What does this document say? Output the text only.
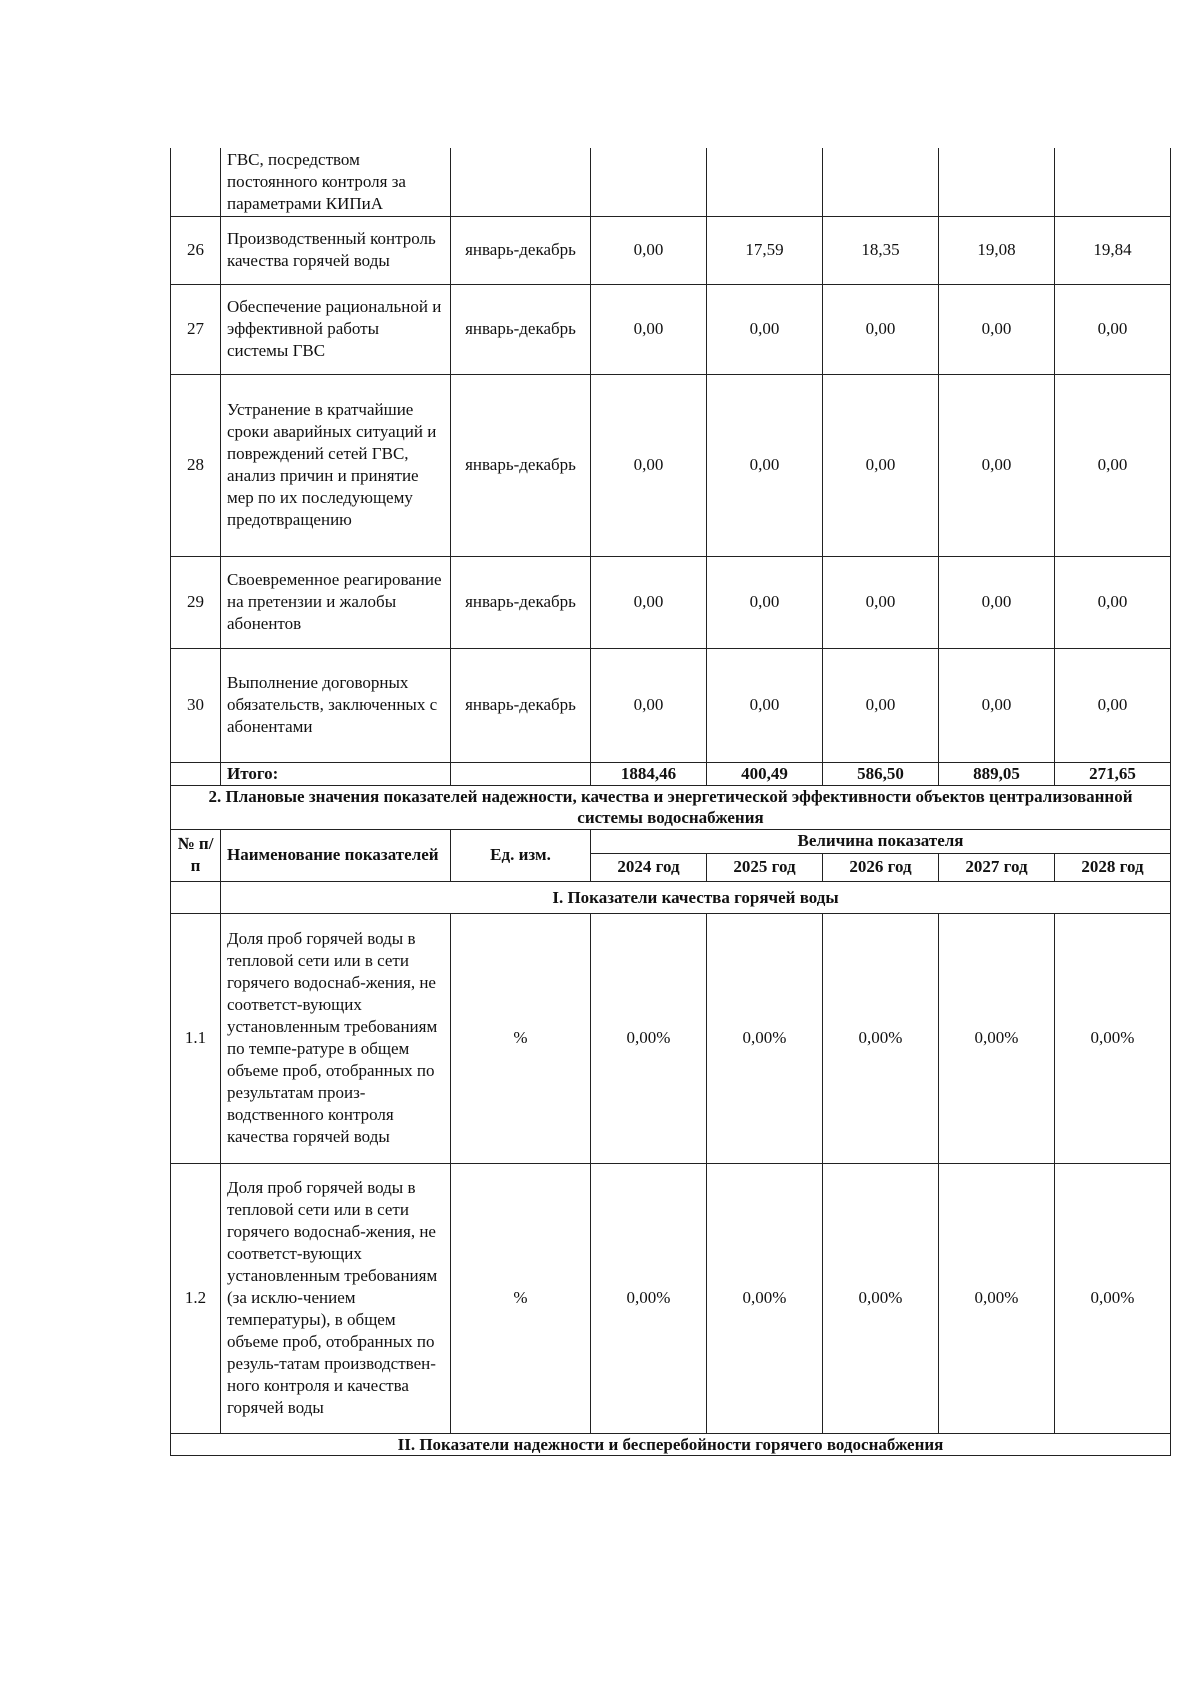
	ГВС, посредством постоянного контроля за параметрами КИПиА						
26	Производственный контроль качества горячей воды	январь-декабрь	0,00	17,59	18,35	19,08	19,84
27	Обеспечение рациональной и эффективной работы системы ГВС	январь-декабрь	0,00	0,00	0,00	0,00	0,00
28	Устранение в кратчайшие сроки аварийных ситуаций и повреждений сетей ГВС, анализ причин и принятие мер по их последующему предотвращению	январь-декабрь	0,00	0,00	0,00	0,00	0,00
29	Своевременное реагирование на претензии и жалобы абонентов	январь-декабрь	0,00	0,00	0,00	0,00	0,00
30	Выполнение договорных обязательств, заключенных с абонентами	январь-декабрь	0,00	0,00	0,00	0,00	0,00
	Итого:		1884,46	400,49	586,50	889,05	271,65
2. Плановые значения показателей надежности, качества и энергетической эффективности объектов централизованной системы водоснабжения							
№ п/п	Наименование показателей	Ед. изм.	Величина показателя				
			2024 год	2025 год	2026 год	2027 год	2028 год
	I. Показатели качества горячей воды						
1.1	Доля проб горячей воды в тепловой сети или в сети горячего водоснаб-жения, не соответст-вующих установленным требованиям по темпе-ратуре в общем объеме проб, отобранных по результатам произ-водственного контроля качества горячей воды	%	0,00%	0,00%	0,00%	0,00%	0,00%
1.2	Доля проб горячей воды в тепловой сети или в сети горячего водоснаб-жения, не соответст-вующих установленным требованиям (за исклю-чением температуры), в общем объеме проб, отобранных по резуль-татам производствен-ного контроля и качества горячей воды	%	0,00%	0,00%	0,00%	0,00%	0,00%
II. Показатели надежности и бесперебойности горячего водоснабжения							
